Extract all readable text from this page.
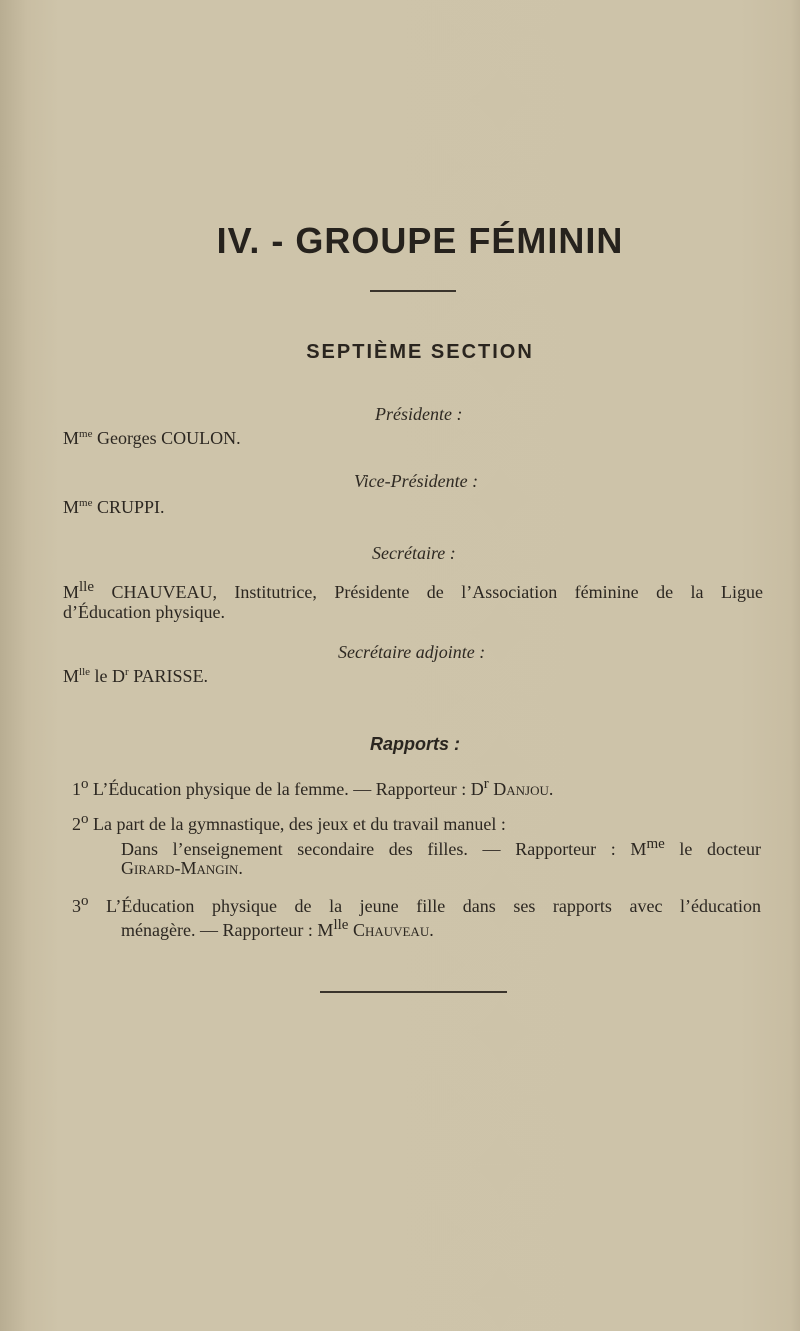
IV. - GROUPE FÉMININ
SEPTIÈME SECTION
Présidente :
$M^{me}$ Georges COULON.
Vice-Présidente :
$M^{me}$ CRUPPI.
Secrétaire :
$M^{lle}$ CHAUVEAU, Institutrice, Présidente de l’Association féminine de la Ligue
d’Éducation physique.
Secrétaire adjointe :
$M^{lle}$ le $D^r$ PARISSE.
Rapports :
1$^o$ L’Éducation physique de la femme. — Rapporteur : $D^r$ Danjou.
2$^o$ La part de la gymnastique, des jeux et du travail manuel :
Dans l’enseignement secondaire des filles. — Rapporteur : $M^{me}$ le docteur
Girard-Mangin.
3$^o$ L’Éducation physique de la jeune fille dans ses rapports avec l’éducation
ménagère. — Rapporteur : $M^{lle}$ Chauveau.
